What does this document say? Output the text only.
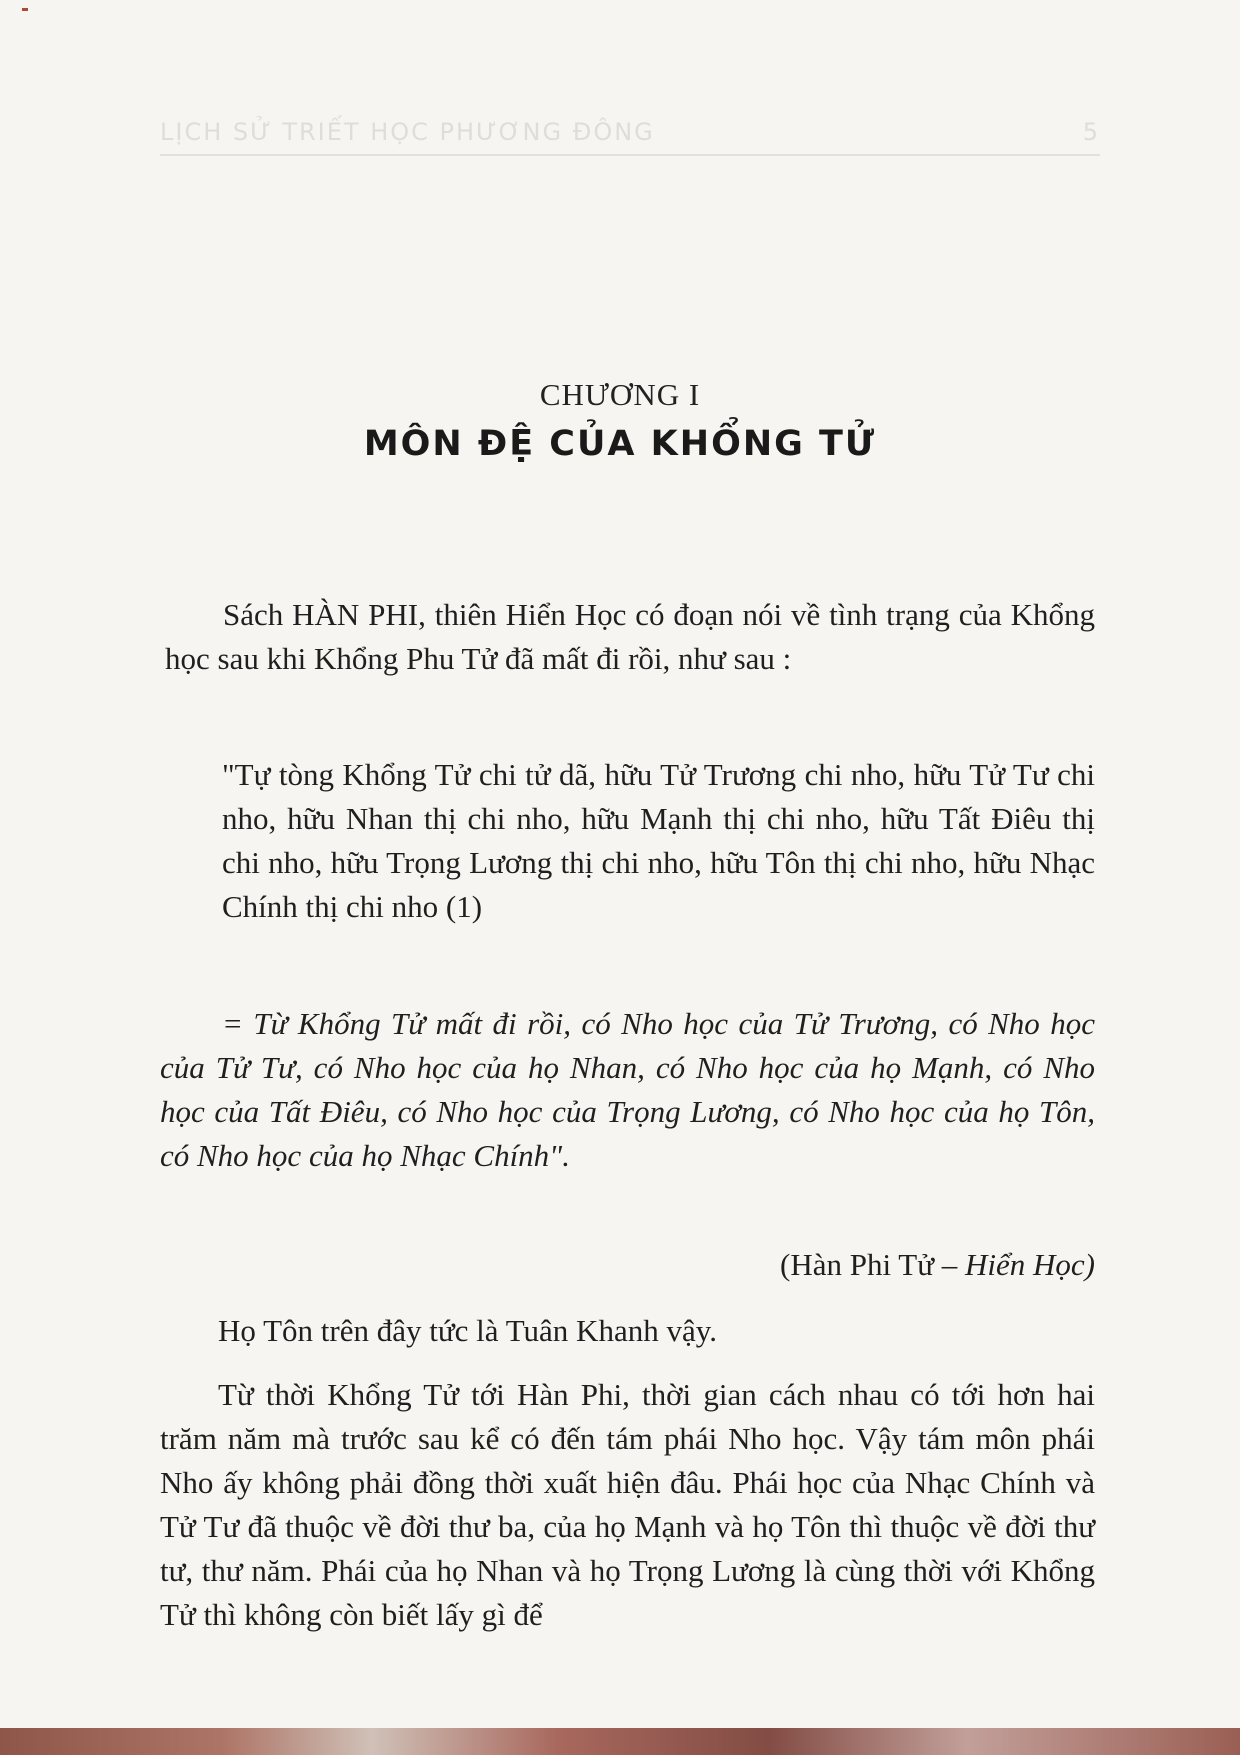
LỊCH SỬ TRIẾT HỌC PHƯƠNG ĐÔNG	5
CHƯƠNG I
MÔN ĐỆ CỦA KHỔNG TỬ

Sách HÀN PHI, thiên Hiển Học có đoạn nói về tình trạng của Khổng học sau khi Khổng Phu Tử đã mất đi rồi, như sau :

"Tự tòng Khổng Tử chi tử dã, hữu Tử Trương chi nho, hữu Tử Tư chi nho, hữu Nhan thị chi nho, hữu Mạnh thị chi nho, hữu Tất Điêu thị chi nho, hữu Trọng Lương thị chi nho, hữu Tôn thị chi nho, hữu Nhạc Chính thị chi nho (1)

= Từ Khổng Tử mất đi rồi, có Nho học của Tử Trương, có Nho học của Tử Tư, có Nho học của họ Nhan, có Nho học của họ Mạnh, có Nho học của Tất Điêu, có Nho học của Trọng Lương, có Nho học của họ Tôn, có Nho học của họ Nhạc Chính".

(Hàn Phi Tử – Hiển Học)

Họ Tôn trên đây tức là Tuân Khanh vậy.

Từ thời Khổng Tử tới Hàn Phi, thời gian cách nhau có tới hơn hai trăm năm mà trước sau kể có đến tám phái Nho học. Vậy tám môn phái Nho ấy không phải đồng thời xuất hiện đâu. Phái học của Nhạc Chính và Tử Tư đã thuộc về đời thư ba, của họ Mạnh và họ Tôn thì thuộc về đời thư tư, thư năm. Phái của họ Nhan và họ Trọng Lương là cùng thời với Khổng Tử thì không còn biết lấy gì để
